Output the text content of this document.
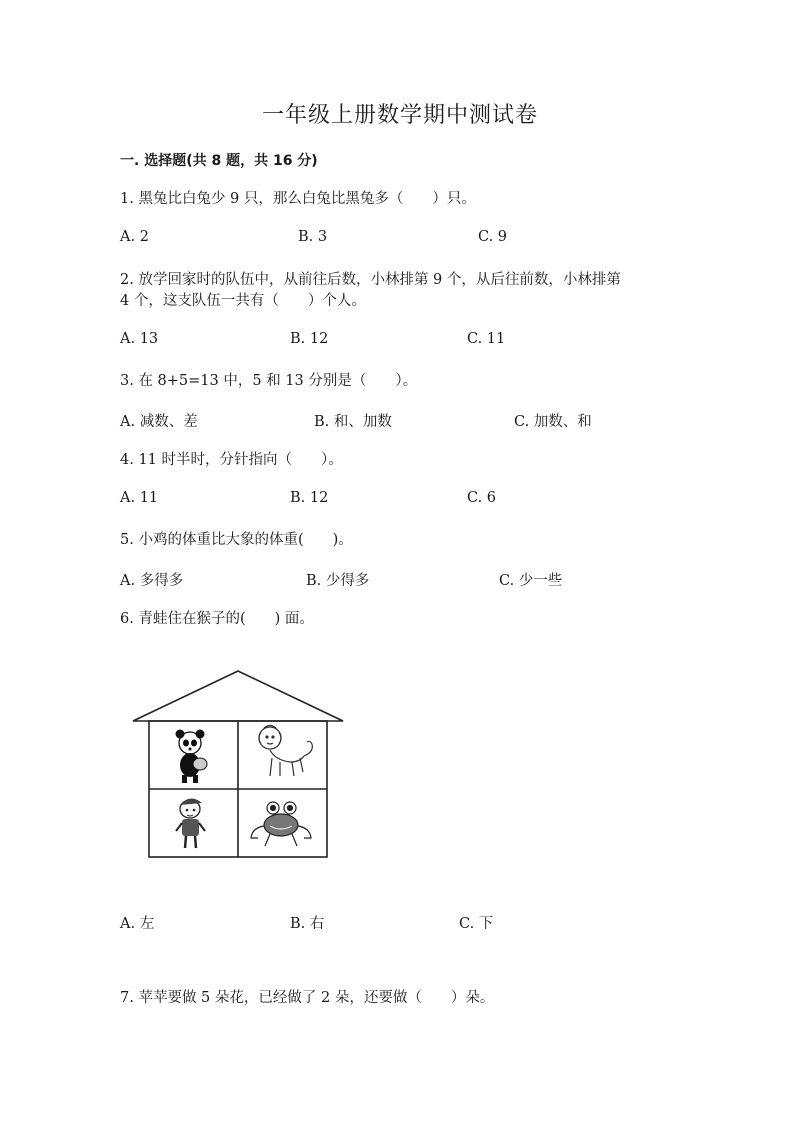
一年级上册数学期中测试卷
一. 选择题(共 8 题，共 16 分)
1. 黑兔比白兔少 9 只，那么白兔比黑兔多（　　）只。
A. 2	B. 3	C. 9
2. 放学回家时的队伍中，从前往后数，小林排第 9 个，从后往前数，小林排第
4 个，这支队伍一共有（　　）个人。
A. 13	B. 12	C. 11
3. 在 8+5=13 中，5 和 13 分别是（　　）。
A. 减数、差	B. 和、加数	C. 加数、和
4. 11 时半时，分针指向（　　）。
A. 11	B. 12	C. 6
5. 小鸡的体重比大象的体重(　　)。
A. 多得多	B. 少得多	C. 少一些
6. 青蛙住在猴子的(　　) 面。
A. 左	B. 右	C. 下
7. 苹苹要做 5 朵花，已经做了 2 朵，还要做（　　）朵。
